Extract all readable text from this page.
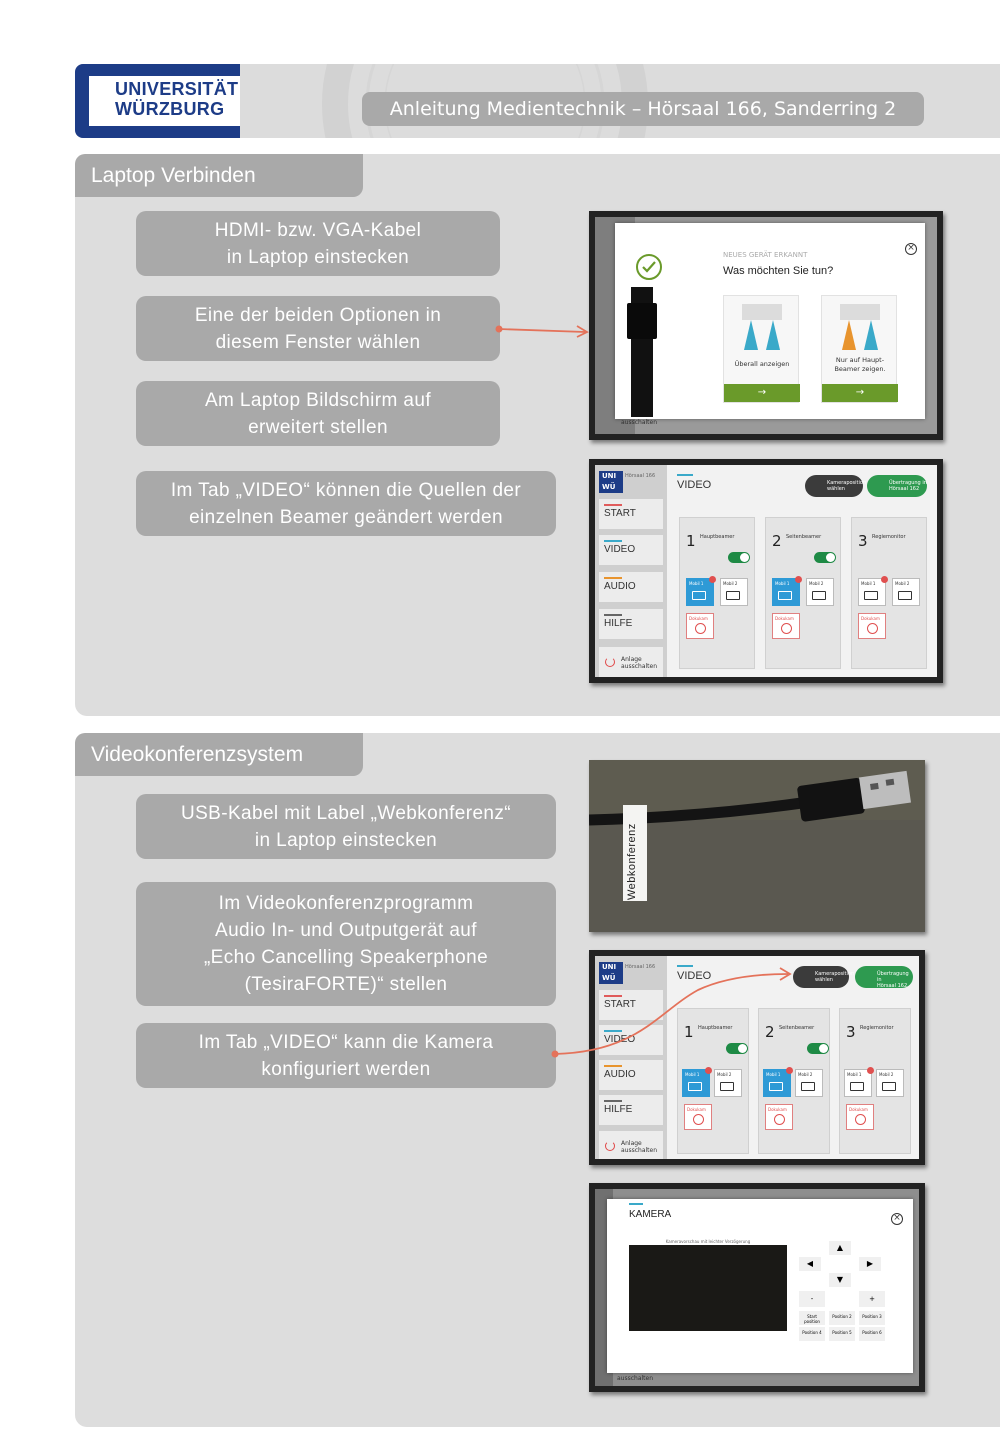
Julius-Maximilians-
UNIVERSITÄT
WÜRZBURG	Anleitung Medientechnik – Hörsaal 166, Sanderring 2
Laptop Verbinden
HDMI- bzw. VGA-Kabel
in Laptop einstecken
Eine der beiden Optionen in
diesem Fenster wählen
Am Laptop Bildschirm auf
erweitert stellen
Im Tab „VIDEO“ können die Quellen der
einzelnen Beamer geändert werden
ausschalten
NEUES GERÄT ERKANNT
Was möchten Sie tun?
×
Überall anzeigen
→
Nur auf Haupt-
Beamer zeigen.
→
UNI WÜ
Hörsaal 166
START
VIDEO
AUDIO
HILFE
Anlage
ausschalten
VIDEO	Kameraposition
wählen
Übertragung in
Hörsaal 162
1 Hauptbeamer
Mobil 1	Mobil 2
Dokukam
2 Seitenbeamer
Mobil 1	Mobil 2
Dokukam
3 Regiemonitor
Mobil 1	Mobil 2
Dokukam
Videokonferenzsystem
USB-Kabel mit Label „Webkonferenz“
in Laptop einstecken
Im Videokonferenzprogramm
Audio In- und Outputgerät auf
„Echo Cancelling Speakerphone
(TesiraFORTE)“ stellen
Im Tab „VIDEO“ kann die Kamera
konfiguriert werden
Webkonferenz
UNI WÜ
Hörsaal 166
START
VIDEO
AUDIO
HILFE
Anlage
ausschalten
VIDEO	Kameraposition
wählen
Übertragung in
Hörsaal 162
1 Hauptbeamer
Mobil 1	Mobil 2
Dokukam
2 Seitenbeamer
Mobil 1	Mobil 2
Dokukam
3 Regiemonitor
Mobil 1	Mobil 2
Dokukam
ausschalten
KAMERA	×
Kameravorschau mit leichter Verzögerung
▲
◀	▶
▼
-	+
Start position
Position 2	Position 3
Position 4	Position 5	Position 6
